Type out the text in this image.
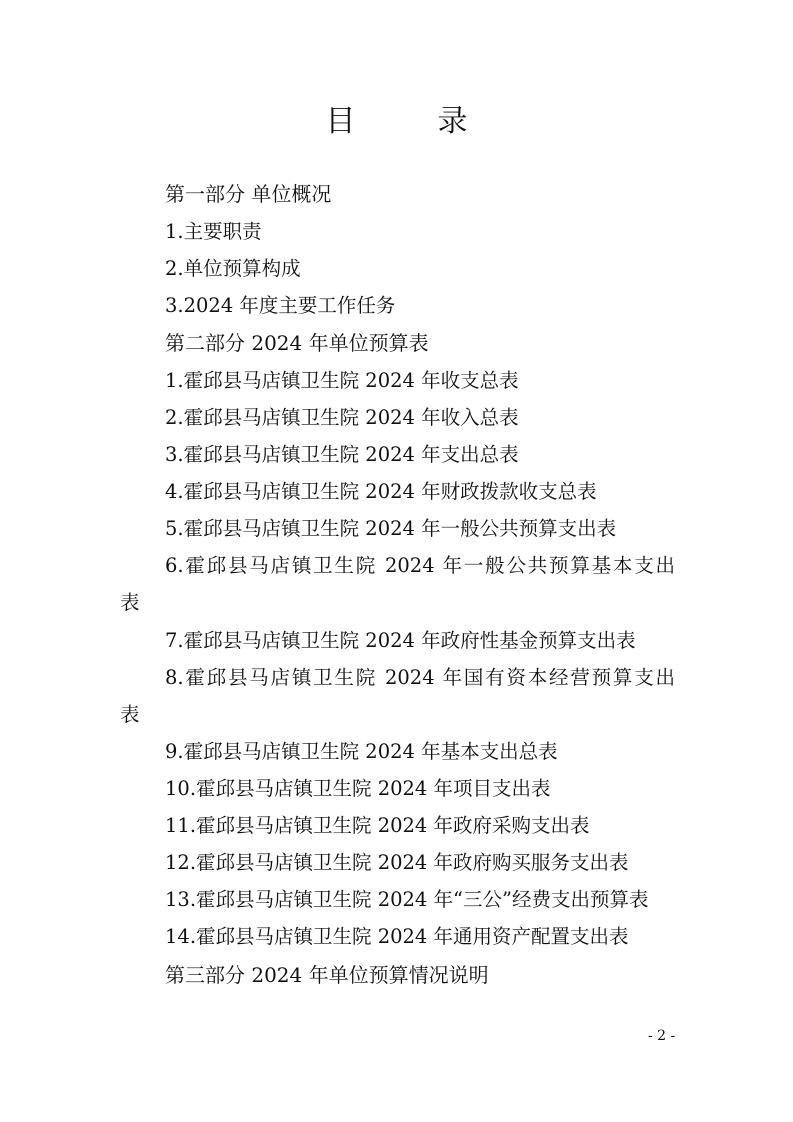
目　录
第一部分 单位概况
1.主要职责
2.单位预算构成
3.2024 年度主要工作任务
第二部分 2024 年单位预算表
1.霍邱县马店镇卫生院 2024 年收支总表
2.霍邱县马店镇卫生院 2024 年收入总表
3.霍邱县马店镇卫生院 2024 年支出总表
4.霍邱县马店镇卫生院 2024 年财政拨款收支总表
5.霍邱县马店镇卫生院 2024 年一般公共预算支出表
6.霍邱县马店镇卫生院 2024 年一般公共预算基本支出
表
7.霍邱县马店镇卫生院 2024 年政府性基金预算支出表
8.霍邱县马店镇卫生院 2024 年国有资本经营预算支出
表
9.霍邱县马店镇卫生院 2024 年基本支出总表
10.霍邱县马店镇卫生院 2024 年项目支出表
11.霍邱县马店镇卫生院 2024 年政府采购支出表
12.霍邱县马店镇卫生院 2024 年政府购买服务支出表
13.霍邱县马店镇卫生院 2024 年“三公”经费支出预算表
14.霍邱县马店镇卫生院 2024 年通用资产配置支出表
第三部分 2024 年单位预算情况说明
- 2 -
